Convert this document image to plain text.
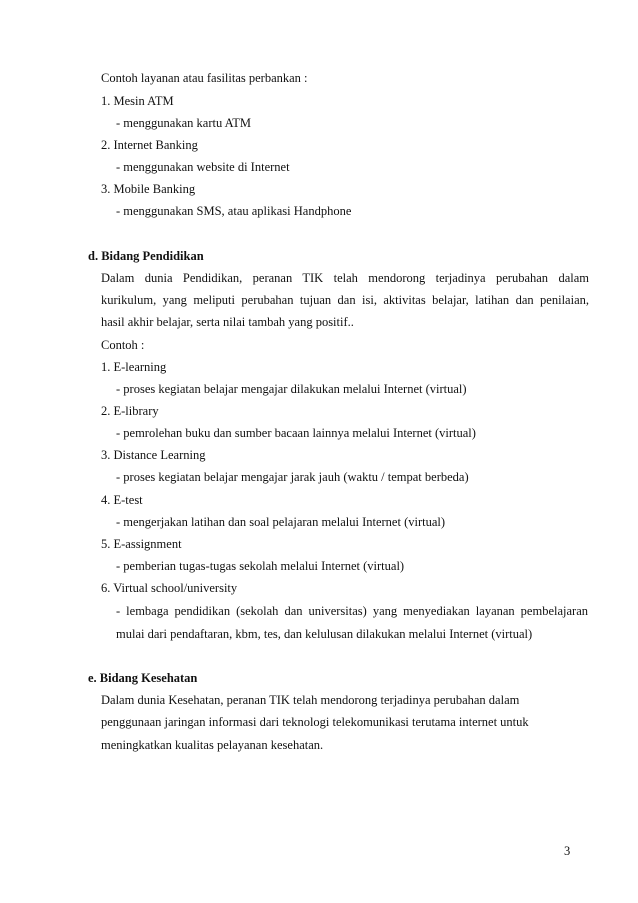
Contoh layanan atau fasilitas perbankan :
1. Mesin ATM
- menggunakan kartu ATM
2. Internet Banking
- menggunakan website di Internet
3. Mobile Banking
- menggunakan SMS, atau aplikasi Handphone
d. Bidang Pendidikan
Dalam dunia Pendidikan, peranan TIK telah mendorong terjadinya perubahan dalam
kurikulum, yang meliputi perubahan tujuan dan isi, aktivitas belajar, latihan dan penilaian,
hasil akhir belajar, serta nilai tambah yang positif..
Contoh :
1. E-learning
- proses kegiatan belajar mengajar dilakukan melalui Internet (virtual)
2. E-library
- pemrolehan buku dan sumber bacaan lainnya melalui Internet (virtual)
3. Distance Learning
- proses kegiatan belajar mengajar jarak jauh (waktu / tempat berbeda)
4. E-test
- mengerjakan latihan dan soal pelajaran melalui Internet (virtual)
5. E-assignment
- pemberian tugas-tugas sekolah melalui Internet (virtual)
6. Virtual school/university
- lembaga pendidikan (sekolah dan universitas) yang menyediakan layanan pembelajaran
mulai dari pendaftaran, kbm, tes, dan kelulusan dilakukan melalui Internet (virtual)
e. Bidang Kesehatan
Dalam dunia Kesehatan, peranan TIK telah mendorong terjadinya perubahan dalam
penggunaan jaringan informasi dari teknologi telekomunikasi terutama internet untuk
meningkatkan kualitas pelayanan kesehatan.
3
